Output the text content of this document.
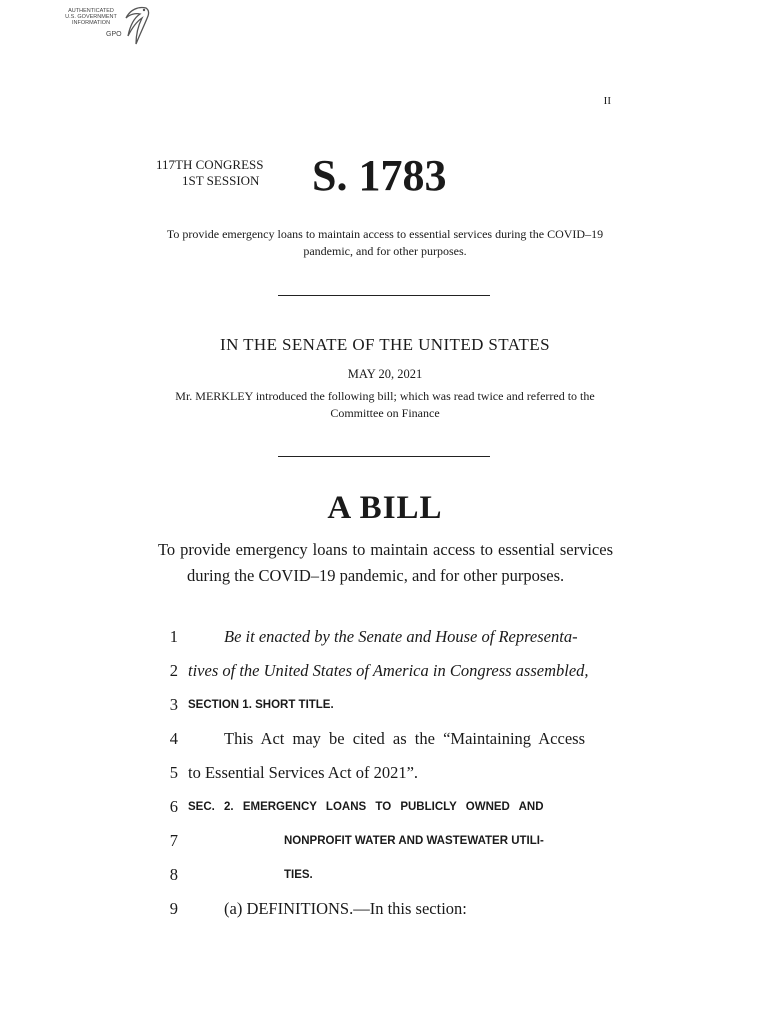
AUTHENTICATED
U.S. GOVERNMENT
INFORMATION
GPO
II
117TH CONGRESS
1ST SESSION	S. 1783
To provide emergency loans to maintain access to essential services during the COVID–19 pandemic, and for other purposes.
IN THE SENATE OF THE UNITED STATES
MAY 20, 2021
Mr. MERKLEY introduced the following bill; which was read twice and referred to the Committee on Finance
A BILL
To provide emergency loans to maintain access to essential services during the COVID–19 pandemic, and for other purposes.
1	Be it enacted by the Senate and House of Representa-
2 tives of the United States of America in Congress assembled,
3 SECTION 1. SHORT TITLE.
4	This Act may be cited as the “Maintaining Access
5 to Essential Services Act of 2021”.
6 SEC. 2. EMERGENCY LOANS TO PUBLICLY OWNED AND
7	NONPROFIT WATER AND WASTEWATER UTILI-
8	TIES.
9	(a) DEFINITIONS.—In this section:
